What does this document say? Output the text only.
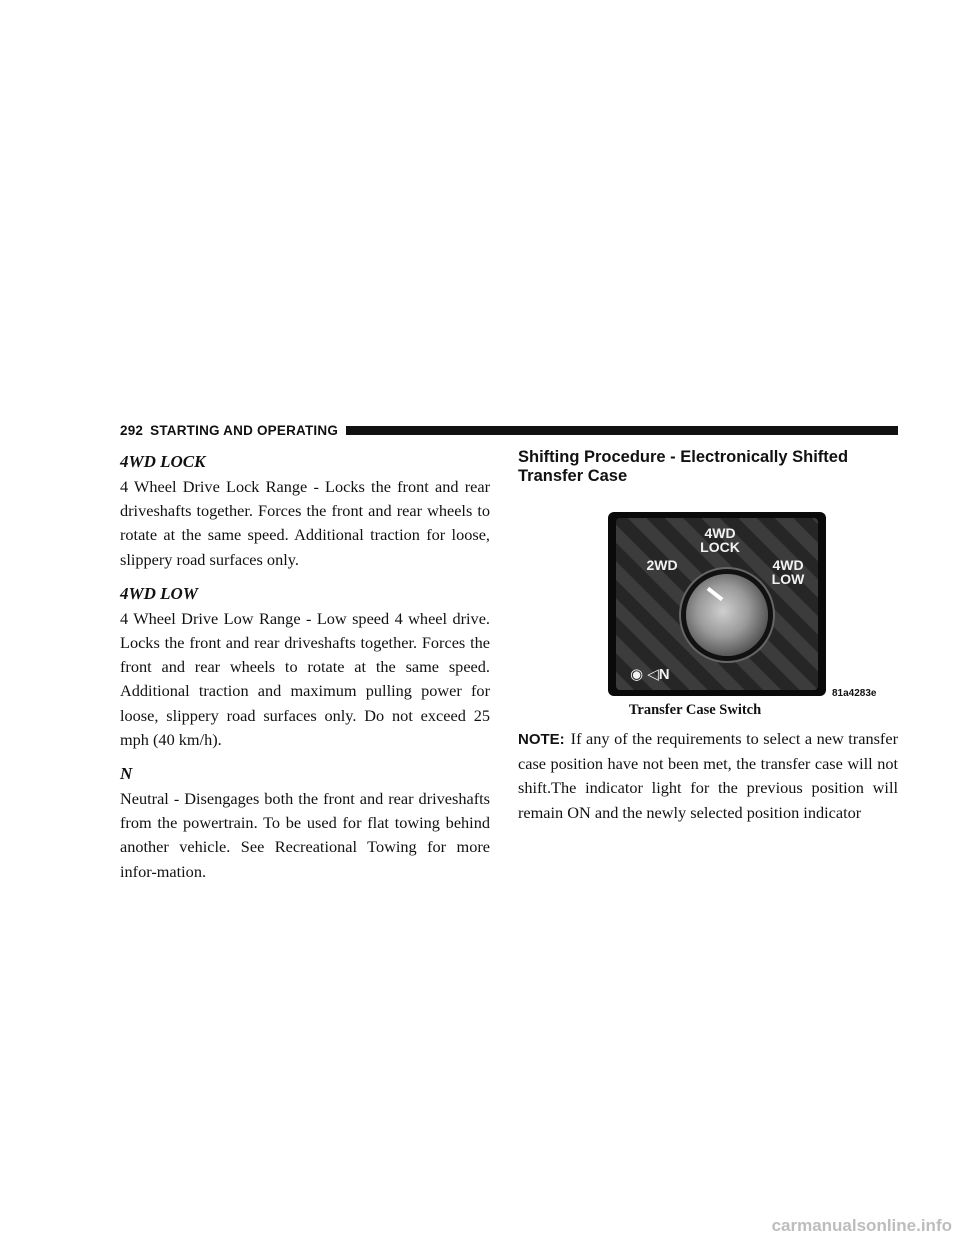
292 STARTING AND OPERATING
4WD LOCK

4 Wheel Drive Lock Range - Locks the front and rear driveshafts together. Forces the front and rear wheels to rotate at the same speed. Additional traction for loose, slippery road surfaces only.

4WD LOW

4 Wheel Drive Low Range - Low speed 4 wheel drive. Locks the front and rear driveshafts together. Forces the front and rear wheels to rotate at the same speed. Additional traction and maximum pulling power for loose, slippery road surfaces only. Do not exceed 25 mph (40 km/h).

N

Neutral - Disengages both the front and rear driveshafts from the powertrain. To be used for flat towing behind another vehicle. See Recreational Towing for more infor-mation.

Shifting Procedure - Electronically Shifted Transfer Case
4WD
LOCK
2WD	4WD
LOW
◉ ◁N
81a4283e
Transfer Case Switch

NOTE: If any of the requirements to select a new transfer case position have not been met, the transfer case will not shift.The indicator light for the previous position will remain ON and the newly selected position indicator

carmanualsonline.info
